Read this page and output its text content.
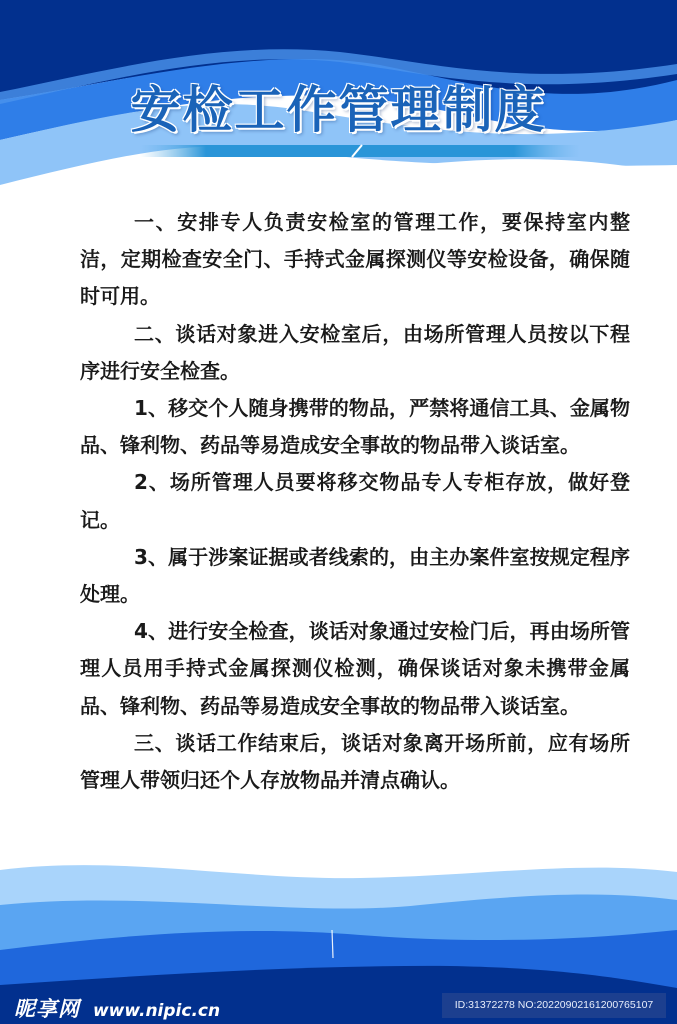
安检工作管理制度

一、安排专人负责安检室的管理工作，要保持室内整洁，定期检查安全门、手持式金属探测仪等安检设备，确保随时可用。

二、谈话对象进入安检室后，由场所管理人员按以下程序进行安全检查。

1、移交个人随身携带的物品，严禁将通信工具、金属物品、锋利物、药品等易造成安全事故的物品带入谈话室。

2、场所管理人员要将移交物品专人专柜存放，做好登记。

3、属于涉案证据或者线索的，由主办案件室按规定程序处理。

4、进行安全检查，谈话对象通过安检门后，再由场所管理人员用手持式金属探测仪检测，确保谈话对象未携带金属品、锋利物、药品等易造成安全事故的物品带入谈话室。

三、谈话工作结束后，谈话对象离开场所前，应有场所管理人带领归还个人存放物品并清点确认。

昵享网 www.nipic.cn	ID:31372278 NO:20220902161200765107
